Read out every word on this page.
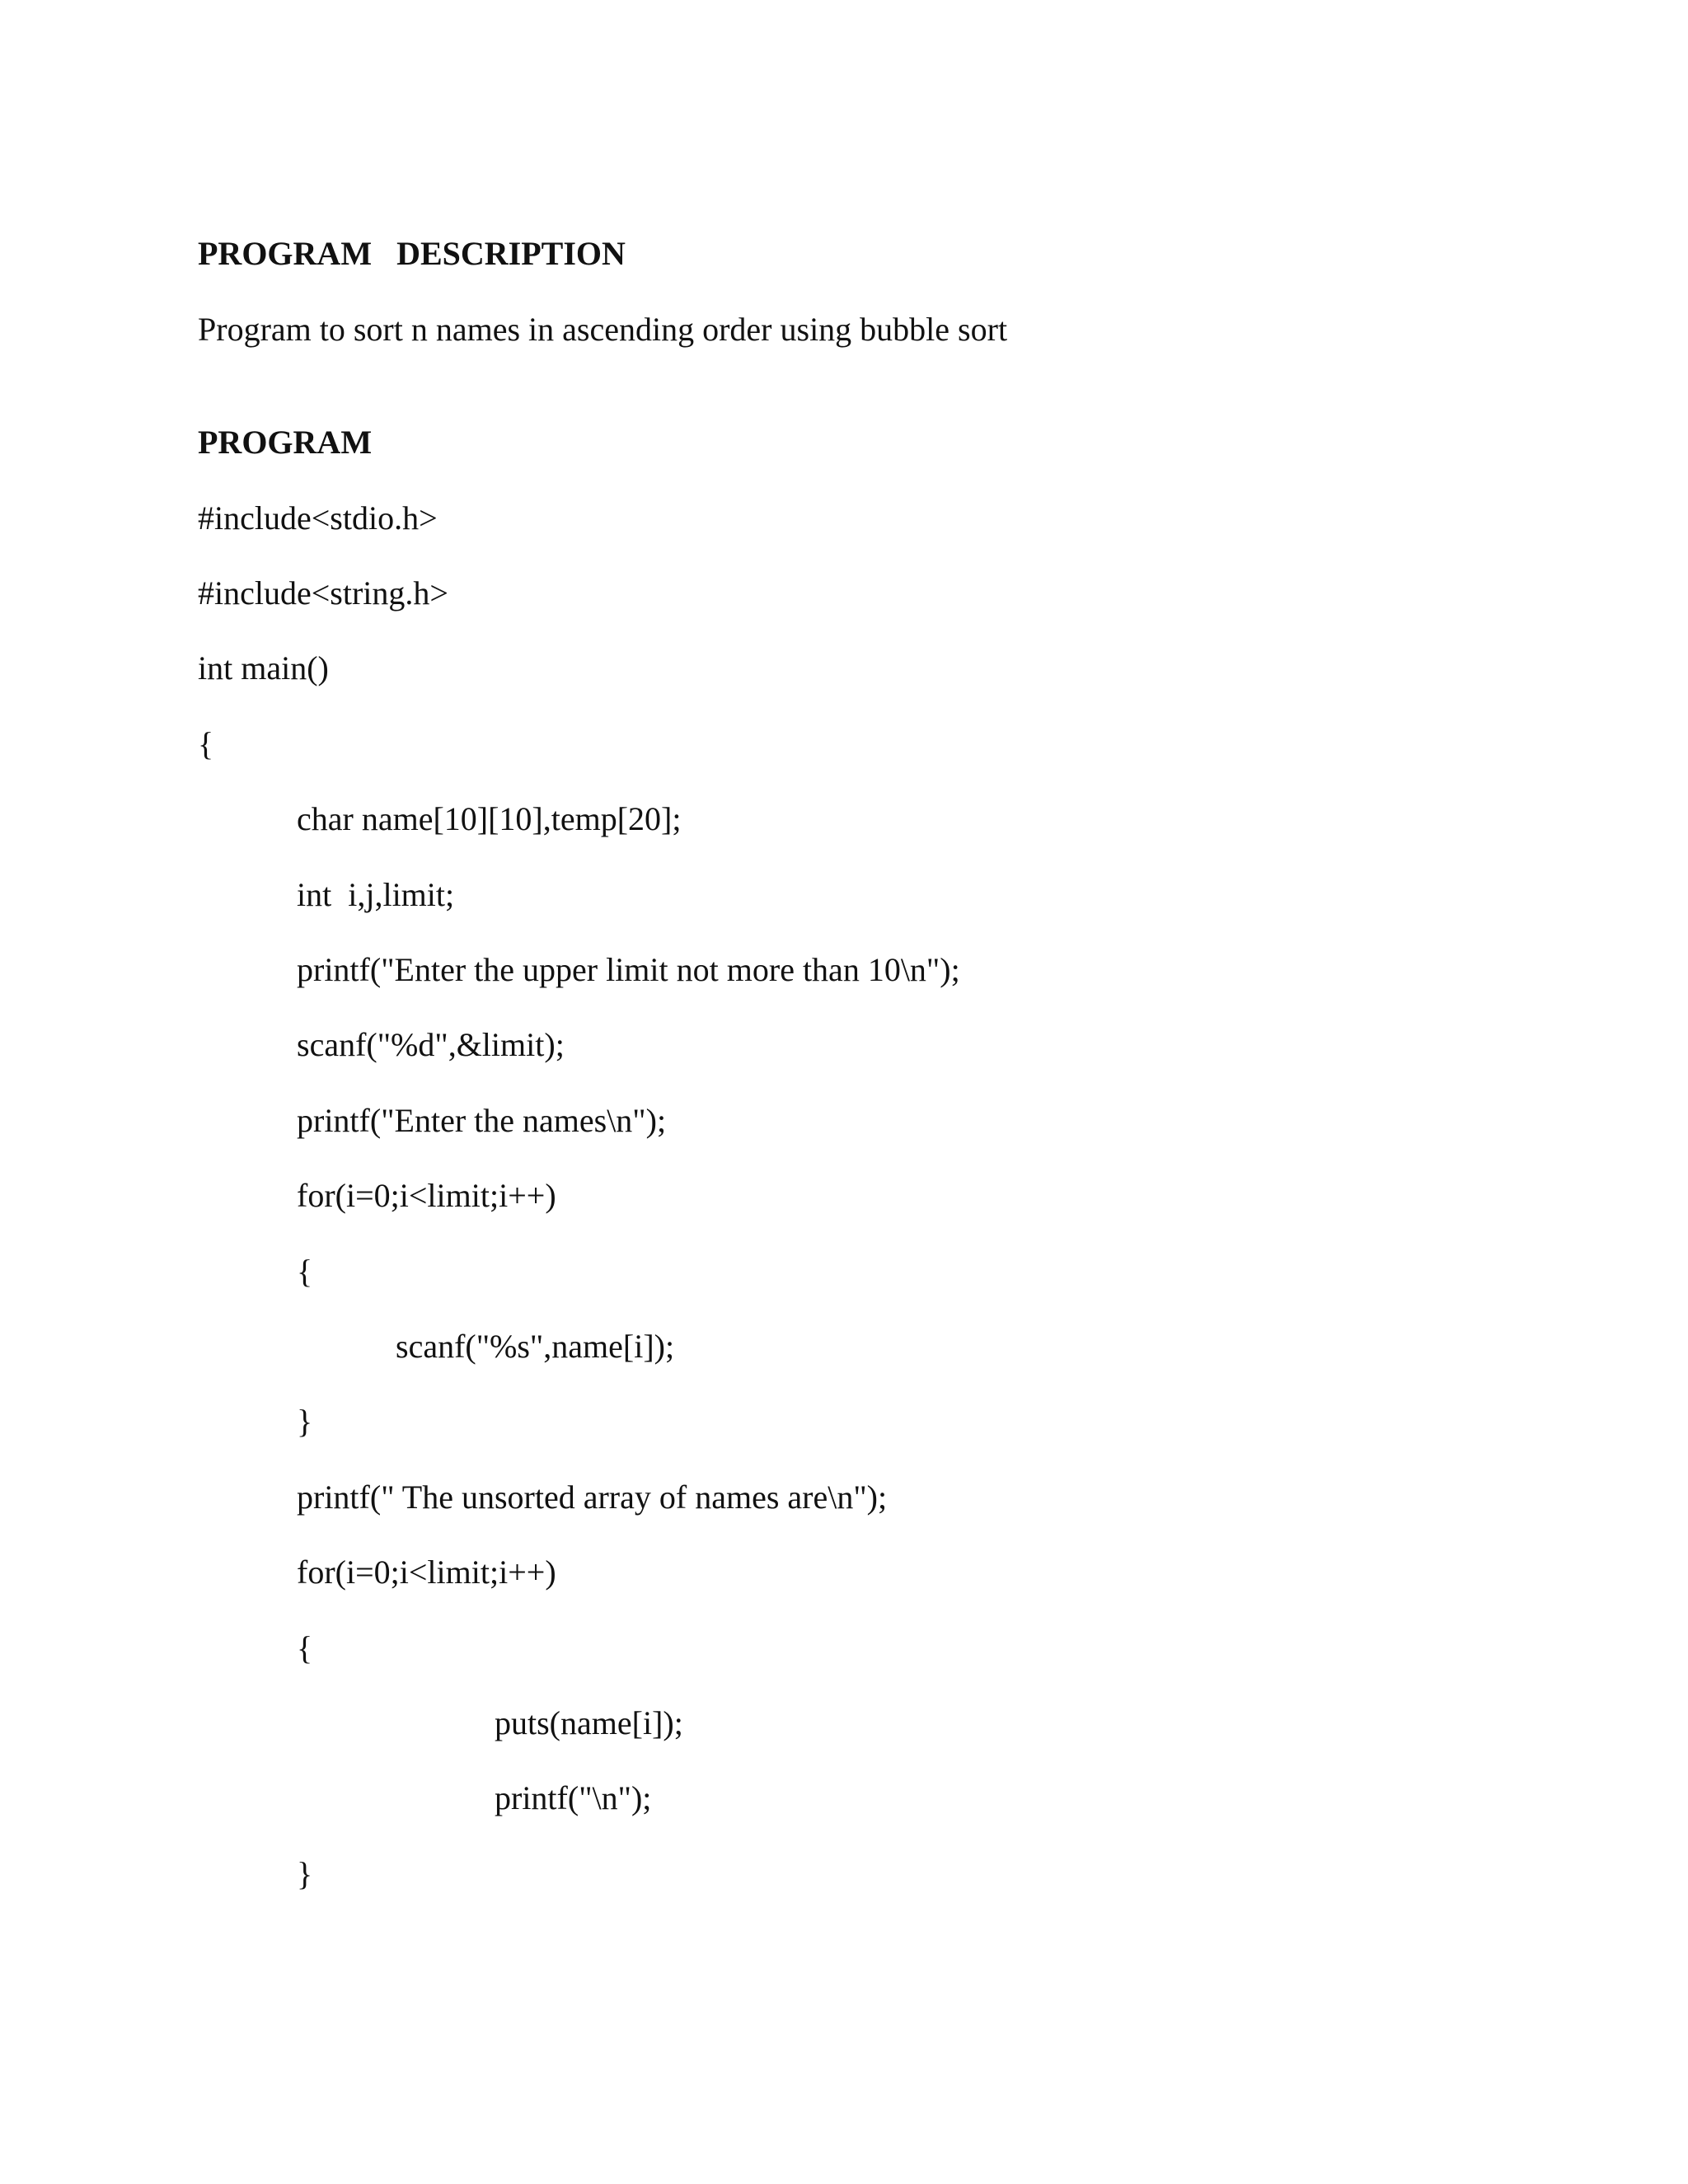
PROGRAM   DESCRIPTION
Program to sort n names in ascending order using bubble sort
PROGRAM
#include<stdio.h>
#include<string.h>
int main()
{
char name[10][10],temp[20];
int  i,j,limit;
printf("Enter the upper limit not more than 10\n");
scanf("%d",&limit);
printf("Enter the names\n");
for(i=0;i<limit;i++)
{
scanf("%s",name[i]);
}
printf(" The unsorted array of names are\n");
for(i=0;i<limit;i++)
{
puts(name[i]);
printf("\n");
}
